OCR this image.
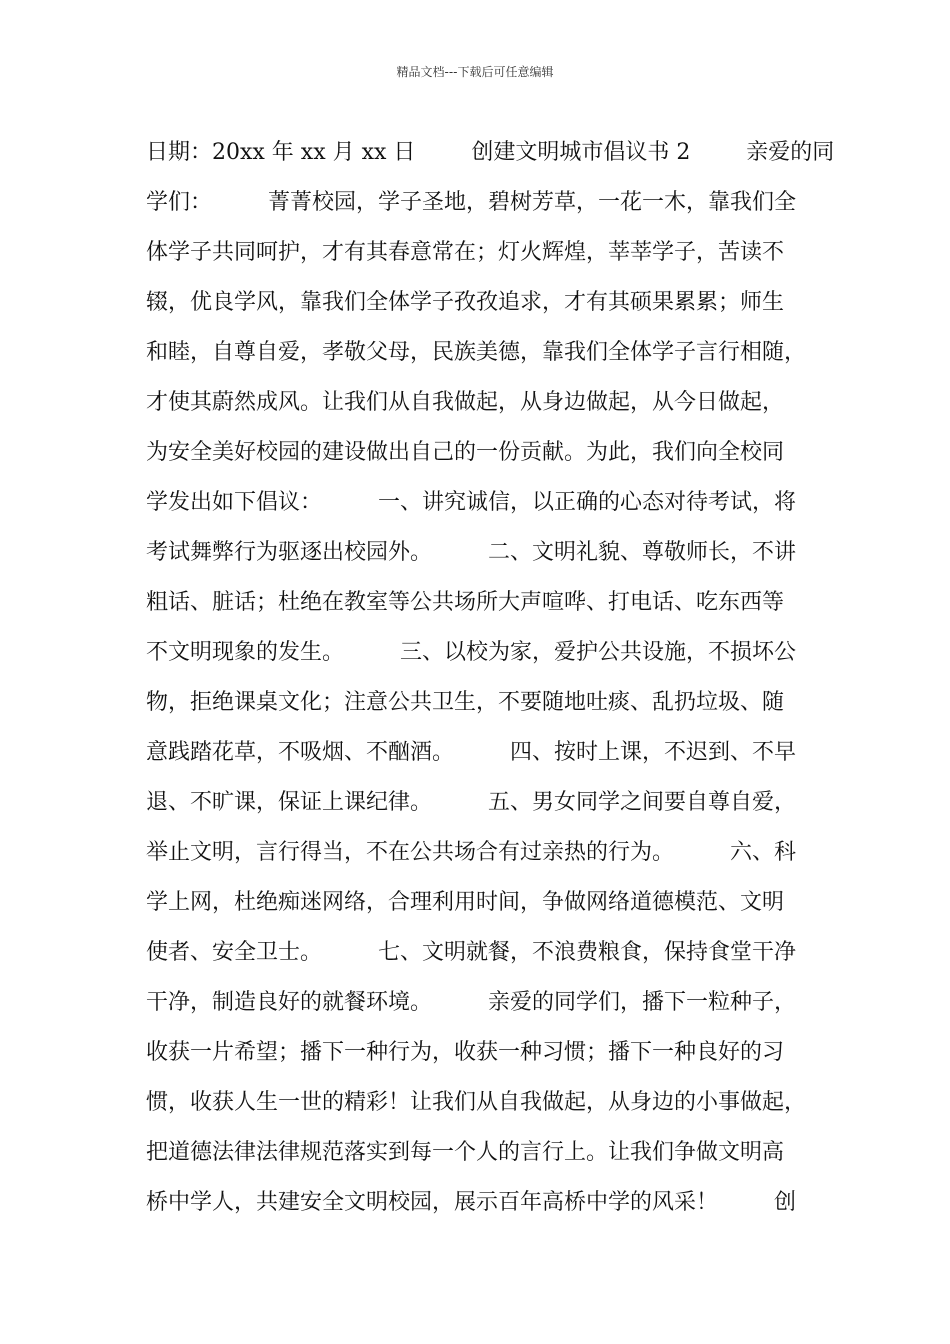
精品文档---下载后可任意编辑
日期：20xx 年 xx 月 xx 日        创建文明城市倡议书 2        亲爱的同
学们：        菁菁校园，学子圣地，碧树芳草，一花一木，靠我们全
体学子共同呵护，才有其春意常在；灯火辉煌，莘莘学子，苦读不
辍，优良学风，靠我们全体学子孜孜追求，才有其硕果累累；师生
和睦，自尊自爱，孝敬父母，民族美德，靠我们全体学子言行相随，
才使其蔚然成风。让我们从自我做起，从身边做起，从今日做起，
为安全美好校园的建设做出自己的一份贡献。为此，我们向全校同
学发出如下倡议：        一、讲究诚信，以正确的心态对待考试，将
考试舞弊行为驱逐出校园外。        二、文明礼貌、尊敬师长，不讲
粗话、脏话；杜绝在教室等公共场所大声喧哗、打电话、吃东西等
不文明现象的发生。        三、以校为家，爱护公共设施，不损坏公
物，拒绝课桌文化；注意公共卫生，不要随地吐痰、乱扔垃圾、随
意践踏花草，不吸烟、不酗酒。        四、按时上课，不迟到、不早
退、不旷课，保证上课纪律。        五、男女同学之间要自尊自爱，
举止文明，言行得当，不在公共场合有过亲热的行为。        六、科
学上网，杜绝痴迷网络，合理利用时间，争做网络道德模范、文明
使者、安全卫士。        七、文明就餐，不浪费粮食，保持食堂干净
干净，制造良好的就餐环境。        亲爱的同学们，播下一粒种子，
收获一片希望；播下一种行为，收获一种习惯；播下一种良好的习
惯，收获人生一世的精彩！让我们从自我做起，从身边的小事做起，
把道德法律法律规范落实到每一个人的言行上。让我们争做文明高
桥中学人，共建安全文明校园，展示百年高桥中学的风采！        创
